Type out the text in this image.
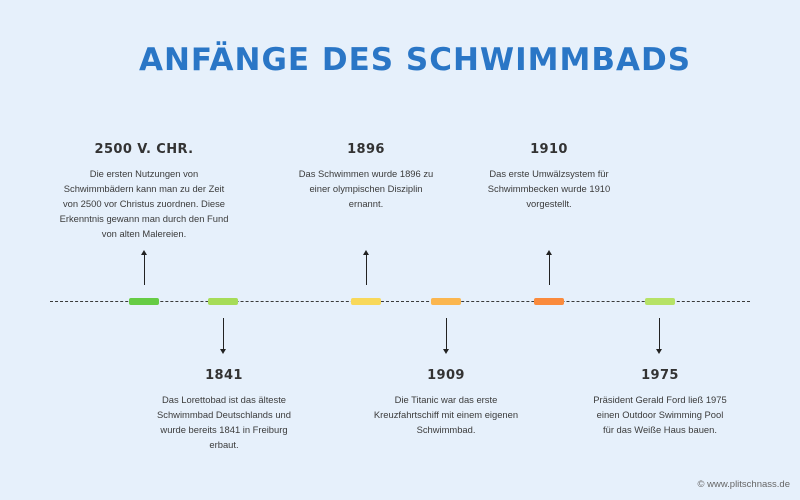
ANFÄNGE DES SCHWIMMBADS
2500 V. CHR.
Die ersten Nutzungen von Schwimmbädern kann man zu der Zeit von 2500 vor Christus zuordnen. Diese Erkenntnis gewann man durch den Fund von alten Malereien.
1841
Das Lorettobad ist das älteste Schwimmbad Deutschlands und wurde bereits 1841 in Freiburg erbaut.
1896
Das Schwimmen wurde 1896 zu einer olympischen Disziplin ernannt.
1909
Die Titanic war das erste Kreuzfahrtschiff mit einem eigenen Schwimmbad.
1910
Das erste Umwälzsystem für Schwimmbecken wurde 1910 vorgestellt.
1975
Präsident Gerald Ford ließ 1975 einen Outdoor Swimming Pool für das Weiße Haus bauen.
© www.plitschnass.de
